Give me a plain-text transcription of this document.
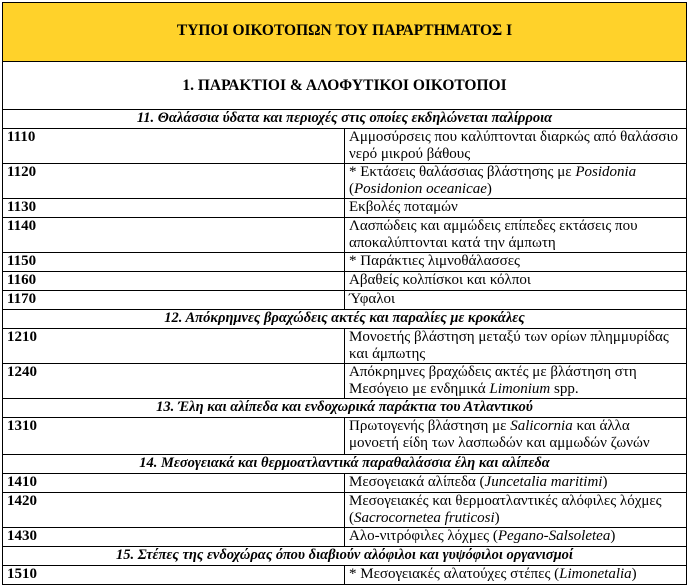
ΤΥΠΟΙ ΟΙΚΟΤΟΠΩΝ ΤΟΥ ΠΑΡΑΡΤΗΜΑΤΟΣ Ι	
1. ΠΑΡΑΚΤΙΟΙ & ΑΛΟΦΥΤΙΚΟΙ ΟΙΚΟΤΟΠΟΙ	
11. Θαλάσσια ύδατα και περιοχές στις οποίες εκδηλώνεται παλίρροια	
1110	Αμμοσύρσεις που καλύπτονται διαρκώς από θαλάσσιο νερό μικρού βάθους
1120	* Εκτάσεις θαλάσσιας βλάστησης με Posidonia (Posidonion oceanicae)
1130	Εκβολές ποταμών
1140	Λασπώδεις και αμμώδεις επίπεδες εκτάσεις που αποκαλύπτονται κατά την άμπωτη
1150	* Παράκτιες λιμνοθάλασσες
1160	Αβαθείς κολπίσκοι και κόλποι
1170	Ύφαλοι
12. Απόκρημνες βραχώδεις ακτές και παραλίες με κροκάλες	
1210	Μονοετής βλάστηση μεταξύ των ορίων πλημμυρίδας και άμπωτης
1240	Απόκρημνες βραχώδεις ακτές με βλάστηση στη Μεσόγειο με ενδημικά Limonium spp.
13. Έλη και αλίπεδα και ενδοχωρικά παράκτια του Ατλαντικού	
1310	Πρωτογενής βλάστηση με Salicornia και άλλα μονοετή είδη των λασπωδών και αμμωδών ζωνών
14. Μεσογειακά και θερμοατλαντικά παραθαλάσσια έλη και αλίπεδα	
1410	Μεσογειακά αλίπεδα (Juncetalia maritimi)
1420	Μεσογειακές και θερμοατλαντικές αλόφιλες λόχμες (Sacrocornetea fruticosi)
1430	Αλο-νιτρόφιλες λόχμες (Pegano-Salsoletea)
15. Στέπες της ενδοχώρας όπου διαβιούν αλόφιλοι και γυψόφιλοι οργανισμοί	
1510	* Μεσογειακές αλατούχες στέπες (Limonetalia)
